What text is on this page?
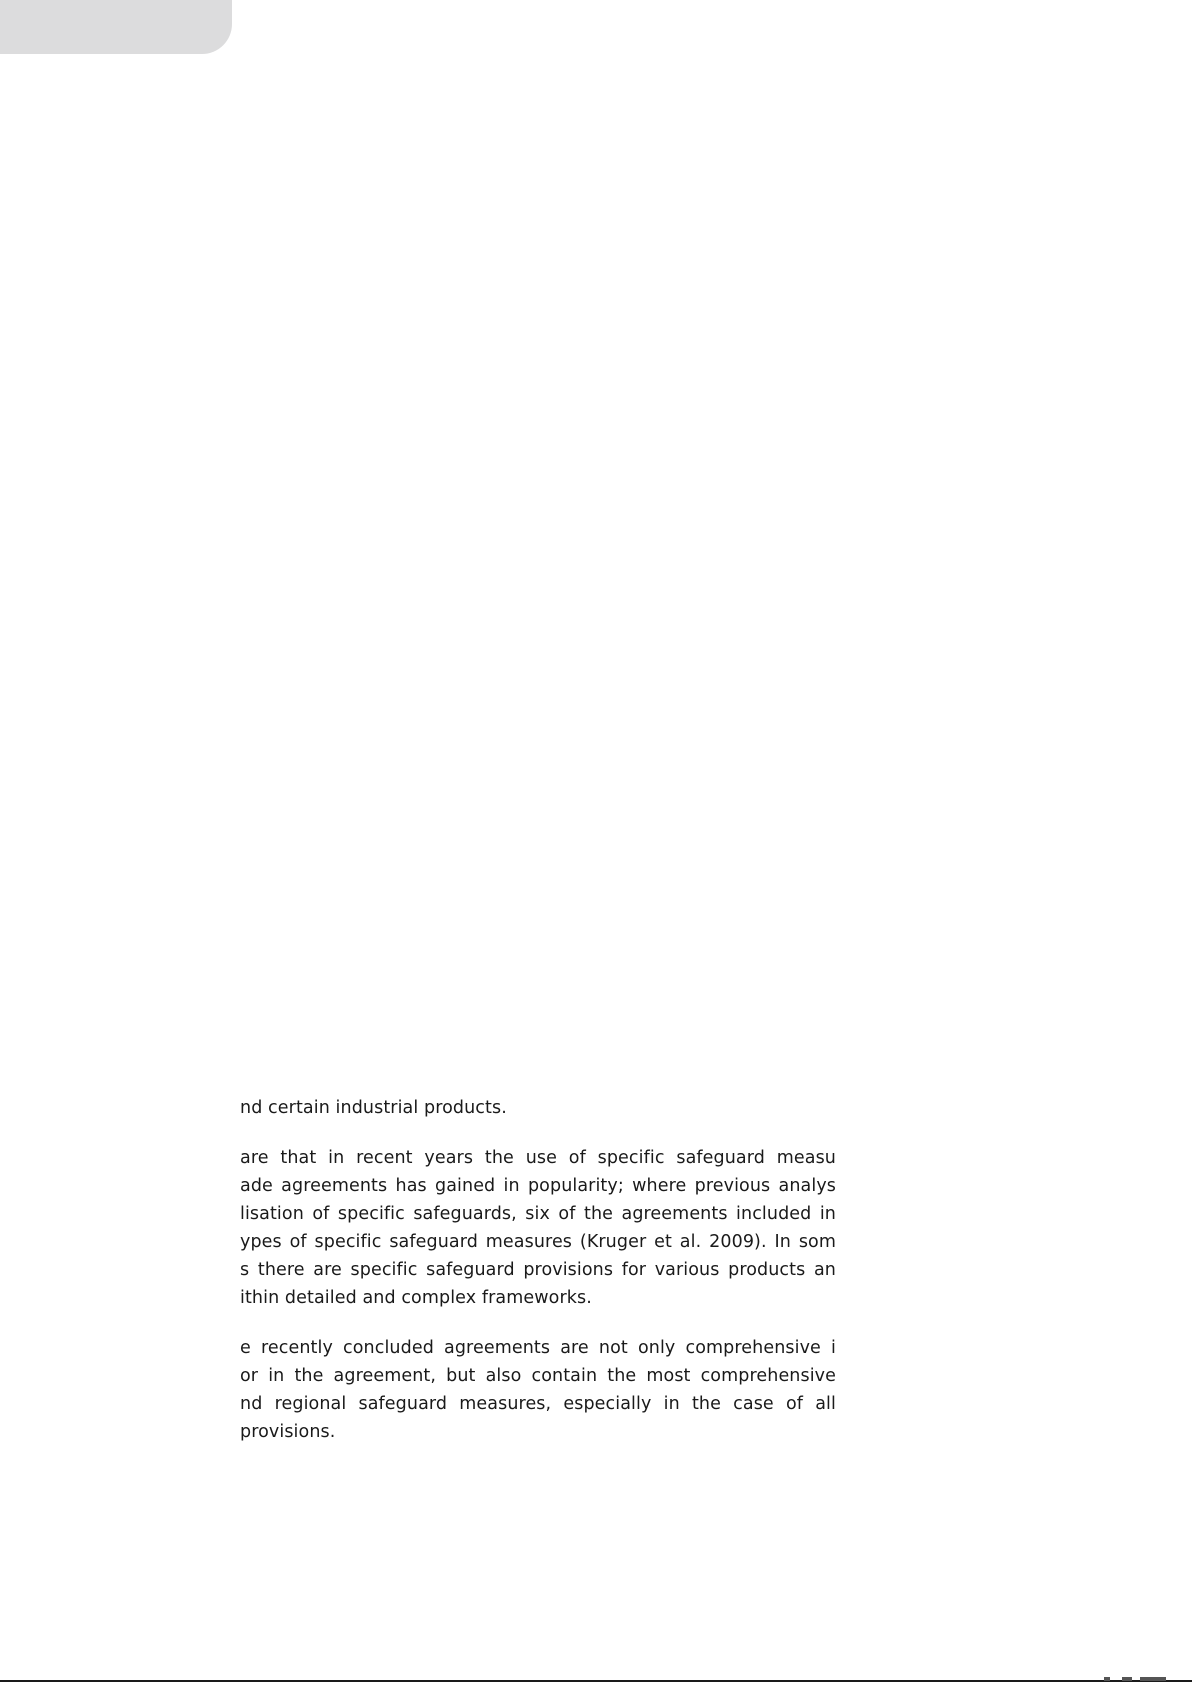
nd certain industrial products.
are that in recent years the use of specific safeguard measu
ade agreements has gained in popularity; where previous analys
lisation of specific safeguards, six of the agreements included in
ypes of specific safeguard measures (Kruger et al. 2009). In som
s there are specific safeguard provisions for various products an
ithin detailed and complex frameworks.
e recently concluded agreements are not only comprehensive i
or in the agreement, but also contain the most comprehensive
nd regional safeguard measures, especially in the case of all
provisions.
